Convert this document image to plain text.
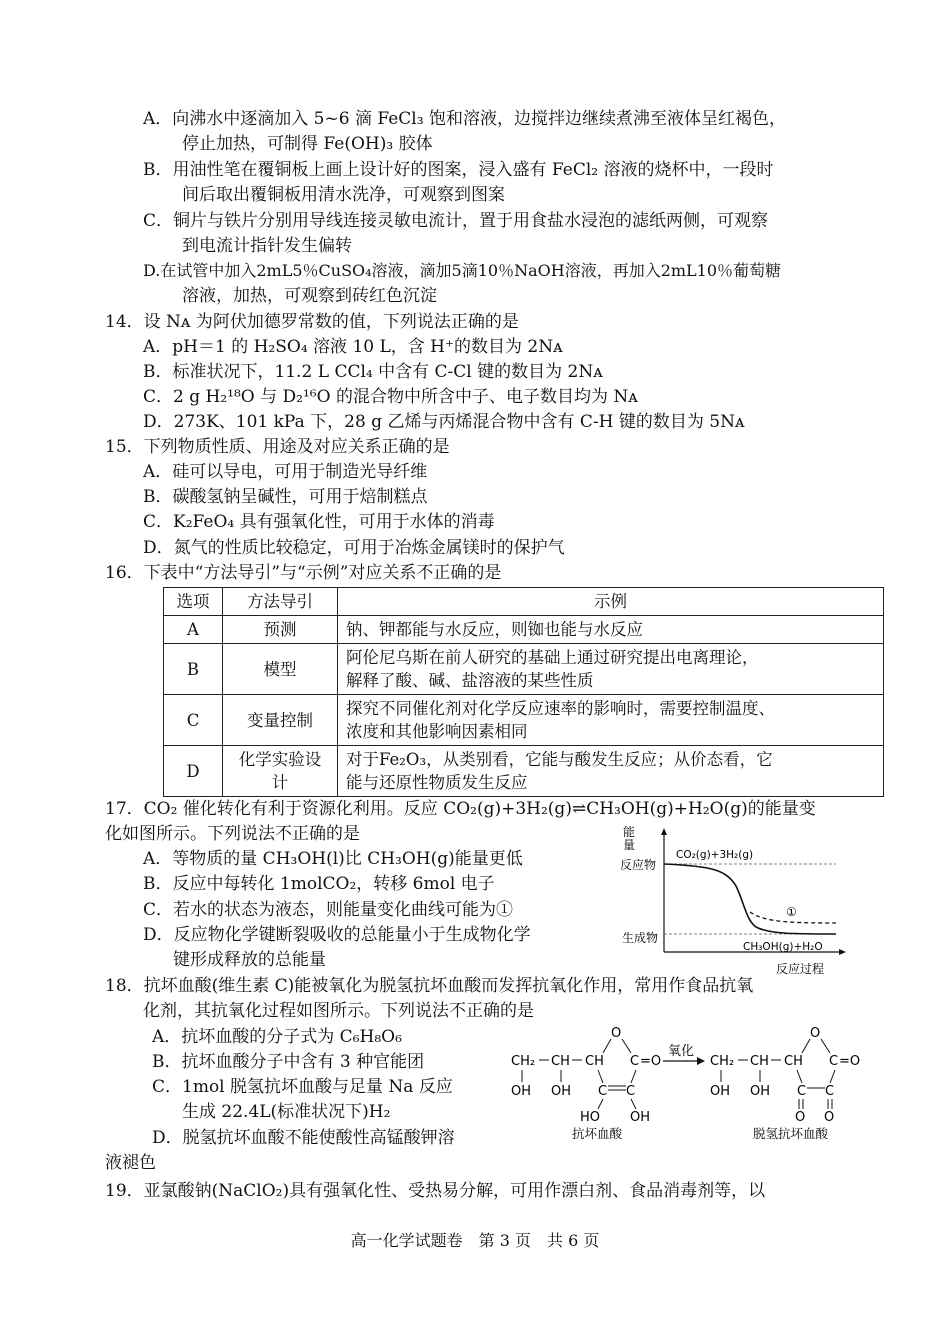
A．向沸水中逐滴加入 5~6 滴 FeCl₃ 饱和溶液，边搅拌边继续煮沸至液体呈红褐色，
停止加热，可制得 Fe(OH)₃ 胶体
B．用油性笔在覆铜板上画上设计好的图案，浸入盛有 FeCl₂ 溶液的烧杯中，一段时
间后取出覆铜板用清水洗净，可观察到图案
C．铜片与铁片分别用导线连接灵敏电流计，置于用食盐水浸泡的滤纸两侧，可观察
到电流计指针发生偏转
D.在试管中加入2mL5％CuSO₄溶液，滴加5滴10％NaOH溶液，再加入2mL10％葡萄糖
溶液，加热，可观察到砖红色沉淀
14．设 Nᴀ 为阿伏加德罗常数的值，下列说法正确的是
A．pH＝1 的 H₂SO₄ 溶液 10 L，含 H⁺的数目为 2Nᴀ
B．标准状况下，11.2 L CCl₄ 中含有 C-Cl 键的数目为 2Nᴀ
C．2 g H₂¹⁸O 与 D₂¹⁶O 的混合物中所含中子、电子数目均为 Nᴀ
D．273K、101 kPa 下，28 g 乙烯与丙烯混合物中含有 C-H 键的数目为 5Nᴀ
15．下列物质性质、用途及对应关系正确的是
A．硅可以导电，可用于制造光导纤维
B．碳酸氢钠呈碱性，可用于焙制糕点
C．K₂FeO₄ 具有强氧化性，可用于水体的消毒
D．氮气的性质比较稳定，可用于冶炼金属镁时的保护气
16．下表中“方法导引”与“示例”对应关系不正确的是
选项	方法导引	示例
A	预测	钠、钾都能与水反应，则铷也能与水反应
B	模型	阿伦尼乌斯在前人研究的基础上通过研究提出电离理论，
解释了酸、碱、盐溶液的某些性质

C	变量控制	探究不同催化剂对化学反应速率的影响时，需要控制温度、
浓度和其他影响因素相同

D	化学实验设计	对于Fe₂O₃，从类别看，它能与酸发生反应；从价态看，它
能与还原性物质发生反应
17．CO₂ 催化转化有利于资源化利用。反应 CO₂(g)+3H₂(g)⇌CH₃OH(g)+H₂O(g)的能量变
化如图所示。下列说法不正确的是
A．等物质的量 CH₃OH(l)比 CH₃OH(g)能量更低
B．反应中每转化 1molCO₂，转移 6mol 电子
C．若水的状态为液态，则能量变化曲线可能为①
D．反应物化学键断裂吸收的总能量小于生成物化学
键形成释放的总能量
能
量
反应物
生成物
CO₂(g)+3H₂(g)
①
CH₃OH(g)+H₂O
反应过程
18．抗坏血酸(维生素 C)能被氧化为脱氢抗坏血酸而发挥抗氧化作用，常用作食品抗氧
化剂，其抗氧化过程如图所示。下列说法不正确的是
A．抗坏血酸的分子式为 C₆H₈O₆
B．抗坏血酸分子中含有 3 种官能团
C．1mol 脱氢抗坏血酸与足量 Na 反应
生成 22.4L(标准状况下)H₂
D．脱氢抗坏血酸不能使酸性高锰酸钾溶
液褪色
CH₂ CH CH
OH OH
O
C =O
C C
HO OH
抗坏血酸
氧化
CH₂ CH CH
OH OH
O
C =O
C C
O O
脱氢抗坏血酸
19．亚氯酸钠(NaClO₂)具有强氧化性、受热易分解，可用作漂白剂、食品消毒剂等，以
高一化学试题卷　第 3 页　共 6 页
